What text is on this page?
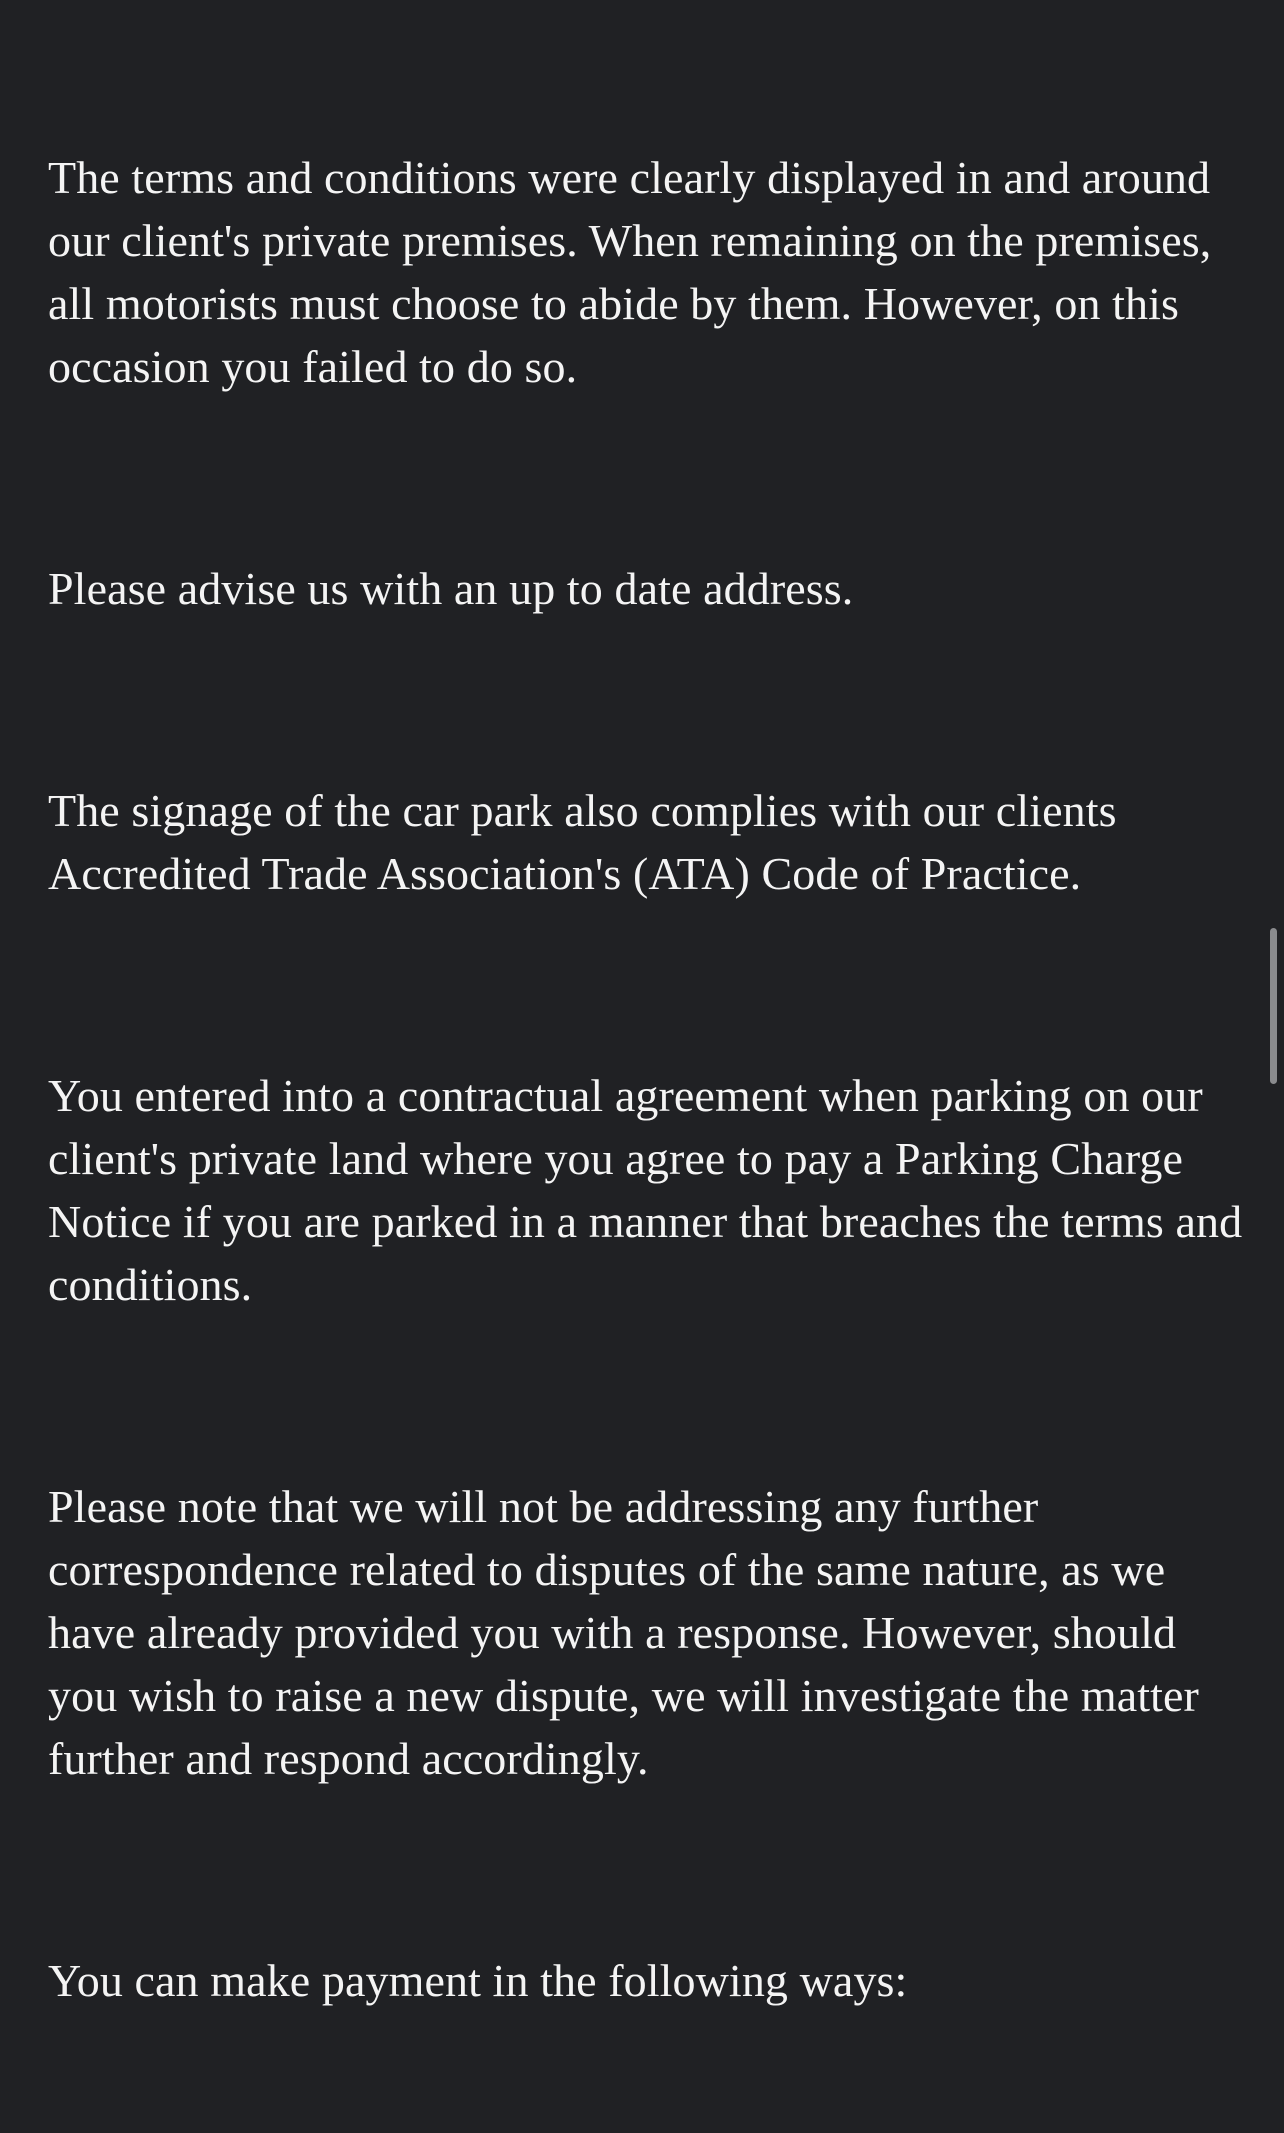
The terms and conditions were clearly displayed in and around our client's private premises. When remaining on the premises, all motorists must choose to abide by them. However, on this occasion you failed to do so.

Please advise us with an up to date address.

The signage of the car park also complies with our clients Accredited Trade Association's (ATA) Code of Practice.

You entered into a contractual agreement when parking on our client's private land where you agree to pay a Parking Charge Notice if you are parked in a manner that breaches the terms and conditions.

Please note that we will not be addressing any further correspondence related to disputes of the same nature, as we have already provided you with a response. However, should you wish to raise a new dispute, we will investigate the matter further and respond accordingly.

You can make payment in the following ways:
